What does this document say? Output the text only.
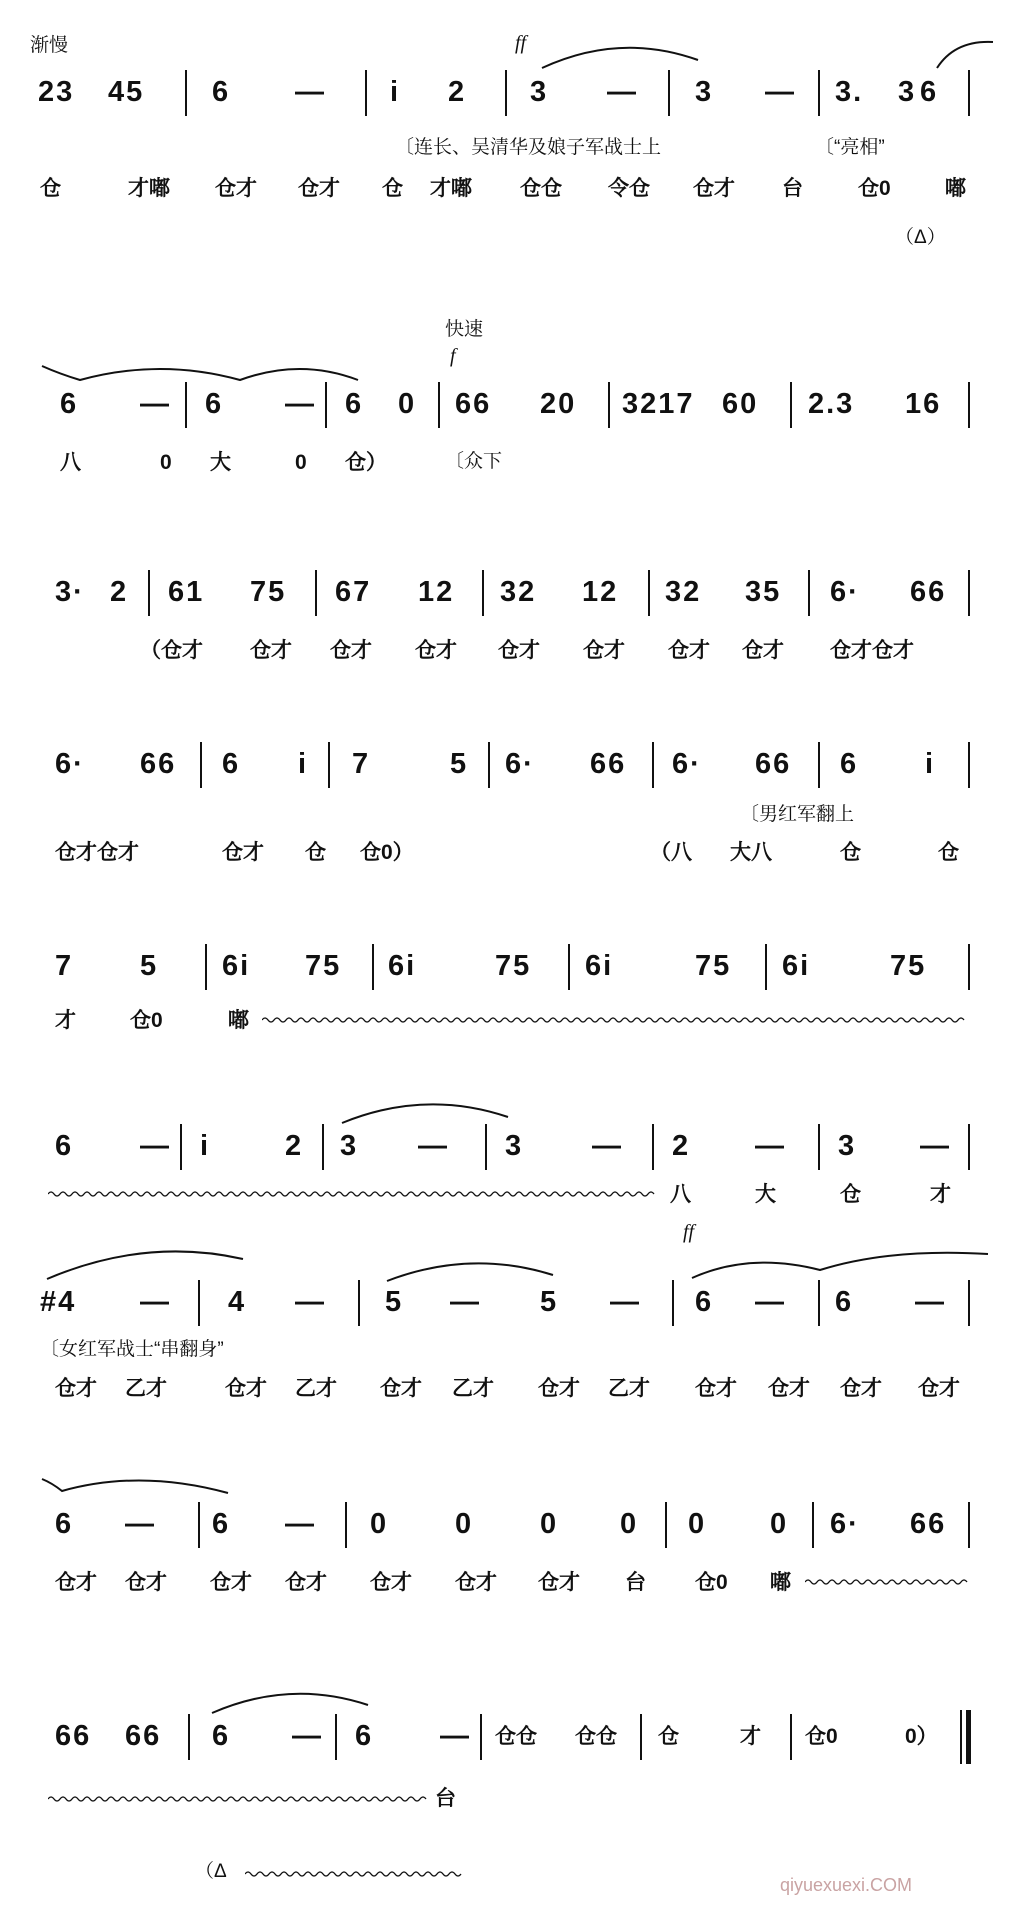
渐慢	ff
23 45 6 — i 2 3 — 3 — 3. 3 6
〔连长、吴清华及娘子军战士上	〔“亮相”
仓	才嘟 仓才 仓才 仓 才嘟 仓仓 令仓 仓才 台	仓0	嘟
（Δ）
快速
f
6 — 6 — 6 0 66 20 3217 60 2.3 16
八	0 大	0 仓）	〔众下
3· 2 61 75 67 12 32 12 32 35 6· 66
（仓才 仓才 仓才 仓才 仓才 仓才 仓才 仓才 仓才仓才
6· 66 6 i 7	5 6· 66 6· 66 6 i
〔男红军翻上
仓才仓才	仓才 仓 仓0）	（八 大八	仓	仓
7 5 6i 75 6i	75 6i	75 6i	75
才	仓0	嘟
6 — i	2 3 — 3 — 2 — 3 —
八	大	仓	才
ff
#4 — 4 — 5 — 5 — 6 — 6 —
〔女红军战士“串翻身”
仓才 乙才	仓才 乙才 仓才 乙才 仓才 乙才 仓才 仓才 仓才 仓才
6 — 6 — 0 0 0 0 0 0 6· 66
仓才 仓才 仓才 仓才 仓才 仓才 仓才 台 仓0 嘟
66 66 6 — 6 — 仓仓 仓仓 仓	才 仓0	0）
台
（Δ
qiyuexuexi.COM
